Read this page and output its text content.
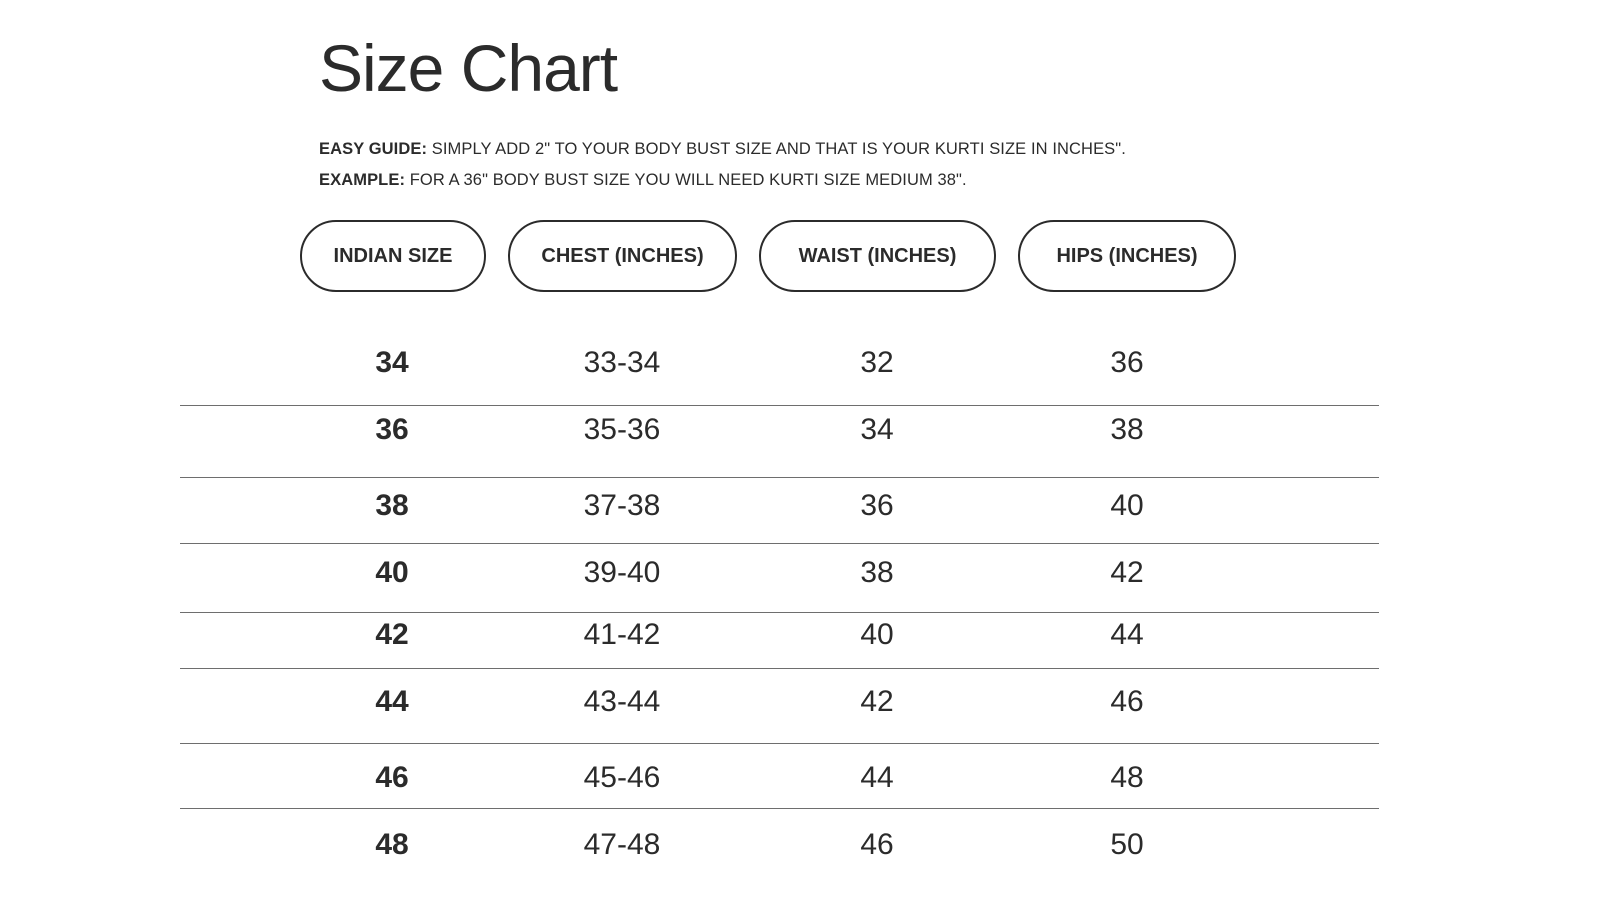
Size Chart
EASY GUIDE: SIMPLY ADD 2" TO YOUR BODY BUST SIZE AND THAT IS YOUR KURTI SIZE IN INCHES".
EXAMPLE: FOR A 36" BODY BUST SIZE YOU WILL NEED KURTI SIZE MEDIUM 38".
INDIAN SIZE	CHEST (INCHES)	WAIST (INCHES)	HIPS (INCHES)
34	33-34	32	36
36	35-36	34	38
38	37-38	36	40
40	39-40	38	42
42	41-42	40	44
44	43-44	42	46
46	45-46	44	48
48	47-48	46	50
